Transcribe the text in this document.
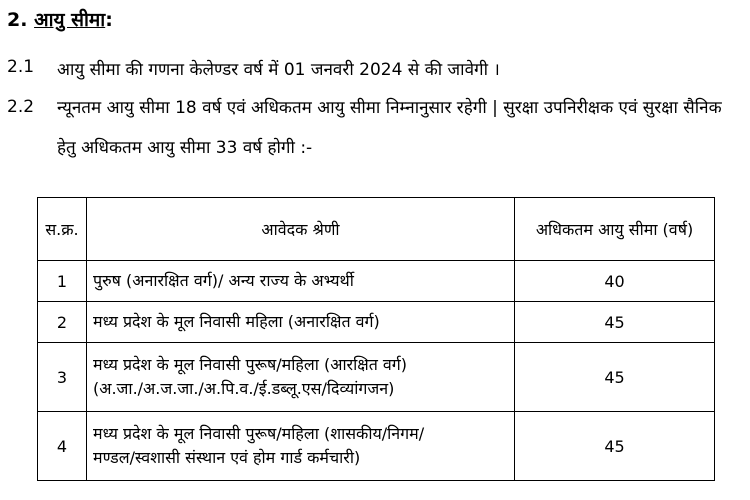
2. आयु सीमा:
2.1 आयु सीमा की गणना केलेण्डर वर्ष में 01 जनवरी 2024 से की जावेगी ।
2.2 न्यूनतम आयु सीमा 18 वर्ष एवं अधिकतम आयु सीमा निम्नानुसार रहेगी | सुरक्षा उपनिरीक्षक एवं सुरक्षा सैनिक हेतु अधिकतम आयु सीमा 33 वर्ष होगी :-
स.क्र.	आवेदक श्रेणी	अधिकतम आयु सीमा (वर्ष)
1	पुरुष (अनारक्षित वर्ग)/ अन्य राज्य के अभ्यर्थी	40
2	मध्य प्रदेश के मूल निवासी महिला (अनारक्षित वर्ग)	45
3	मध्य प्रदेश के मूल निवासी पुरूष/महिला (आरक्षित वर्ग)
(अ.जा./अ.ज.जा./अ.पि.व./ई.डब्लू.एस/दिव्यांगजन)	45
4	मध्य प्रदेश के मूल निवासी पुरूष/महिला (शासकीय/निगम/
मण्डल/स्वशासी संस्थान एवं होम गार्ड कर्मचारी)	45
